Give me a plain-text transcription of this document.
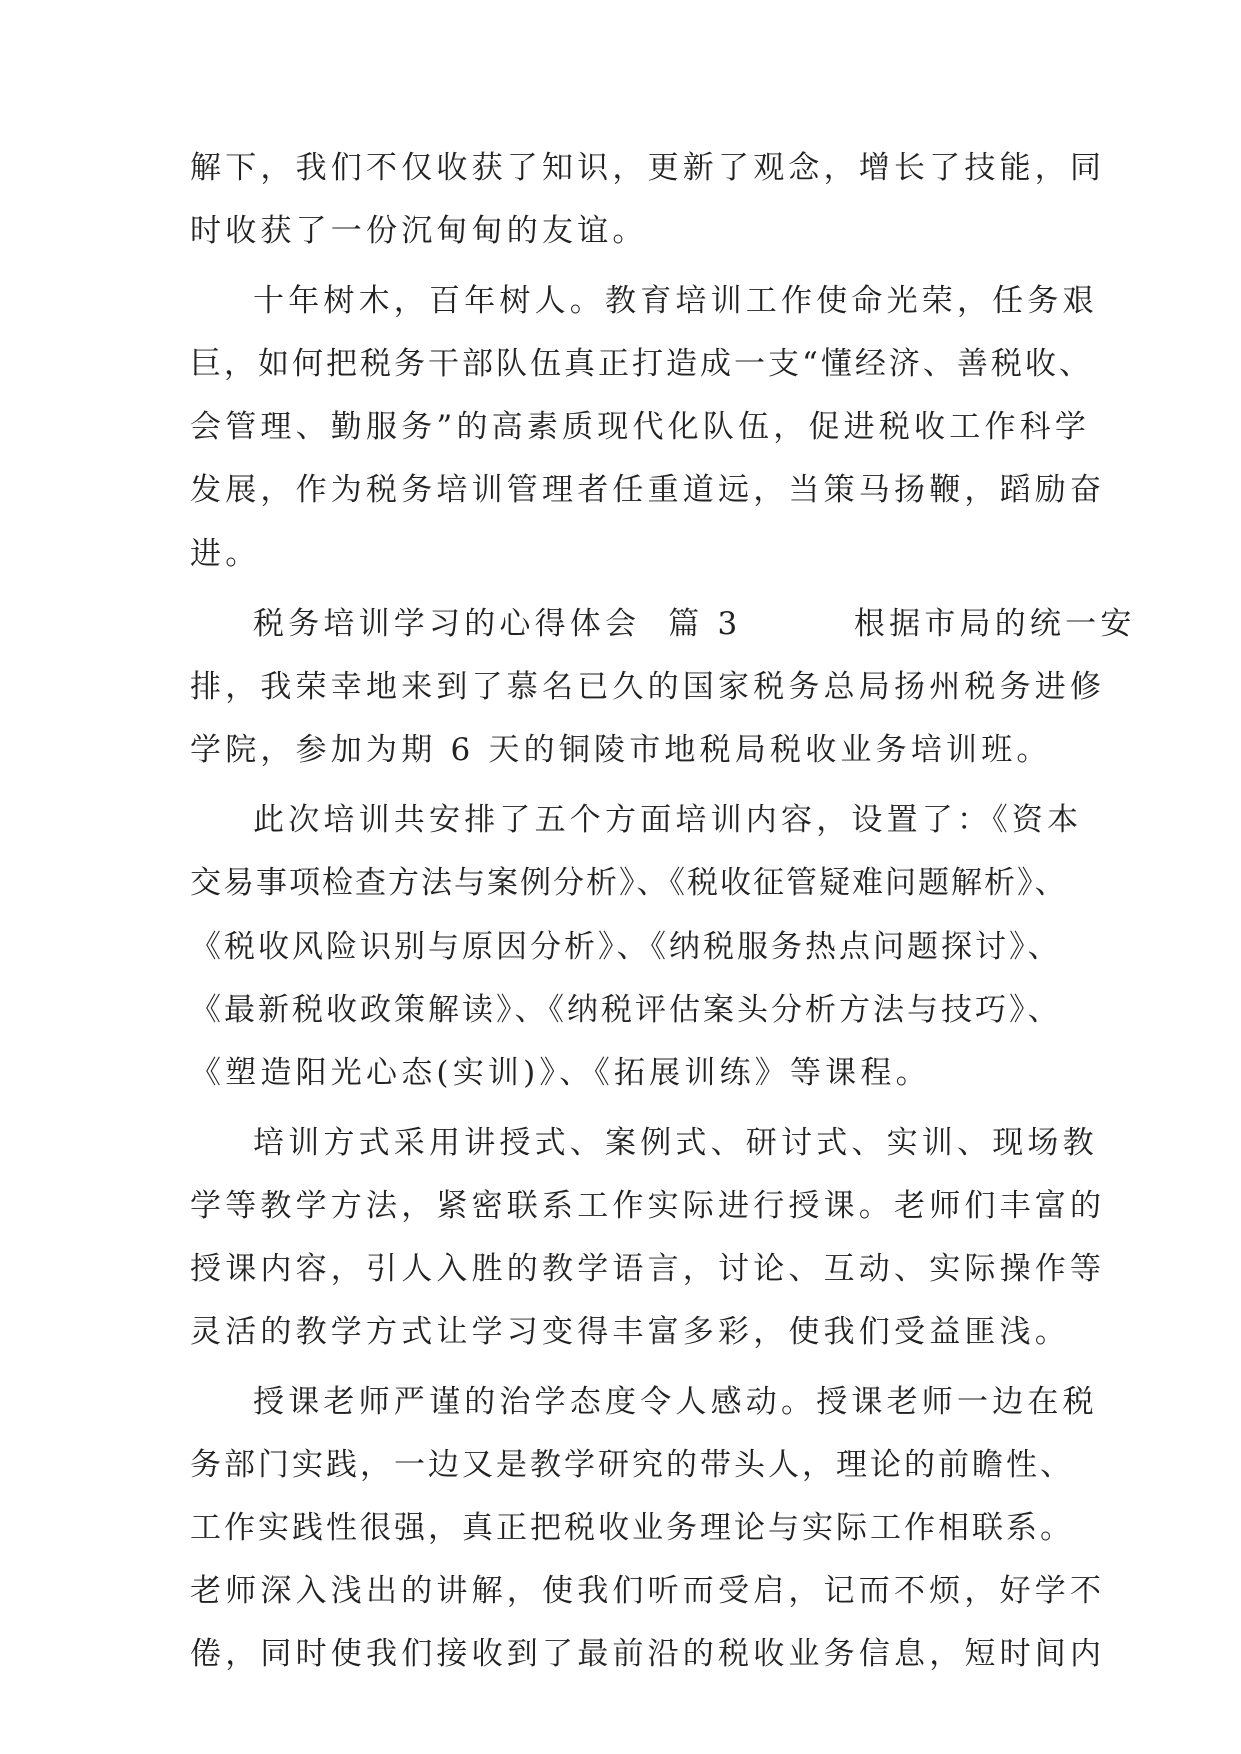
解下，我们不仅收获了知识，更新了观念，增长了技能，同
时收获了一份沉甸甸的友谊。
十年树木，百年树人。教育培训工作使命光荣，任务艰
巨，如何把税务干部队伍真正打造成一支“懂经济、善税收、
会管理、勤服务”的高素质现代化队伍，促进税收工作科学
发展，作为税务培训管理者任重道远，当策马扬鞭，蹈励奋
进。
税务培训学习的心得体会  篇 3        根据市局的统一安
排，我荣幸地来到了慕名已久的国家税务总局扬州税务进修
学院，参加为期 6 天的铜陵市地税局税收业务培训班。
此次培训共安排了五个方面培训内容，设置了：《资本
交易事项检查方法与案例分析》、《税收征管疑难问题解析》、
《税收风险识别与原因分析》、《纳税服务热点问题探讨》、
《最新税收政策解读》、《纳税评估案头分析方法与技巧》、
《塑造阳光心态(实训)》、《拓展训练》等课程。
培训方式采用讲授式、案例式、研讨式、实训、现场教
学等教学方法，紧密联系工作实际进行授课。老师们丰富的
授课内容，引人入胜的教学语言，讨论、互动、实际操作等
灵活的教学方式让学习变得丰富多彩，使我们受益匪浅。
授课老师严谨的治学态度令人感动。授课老师一边在税
务部门实践，一边又是教学研究的带头人，理论的前瞻性、
工作实践性很强，真正把税收业务理论与实际工作相联系。
老师深入浅出的讲解，使我们听而受启，记而不烦，好学不
倦，同时使我们接收到了最前沿的税收业务信息，短时间内
